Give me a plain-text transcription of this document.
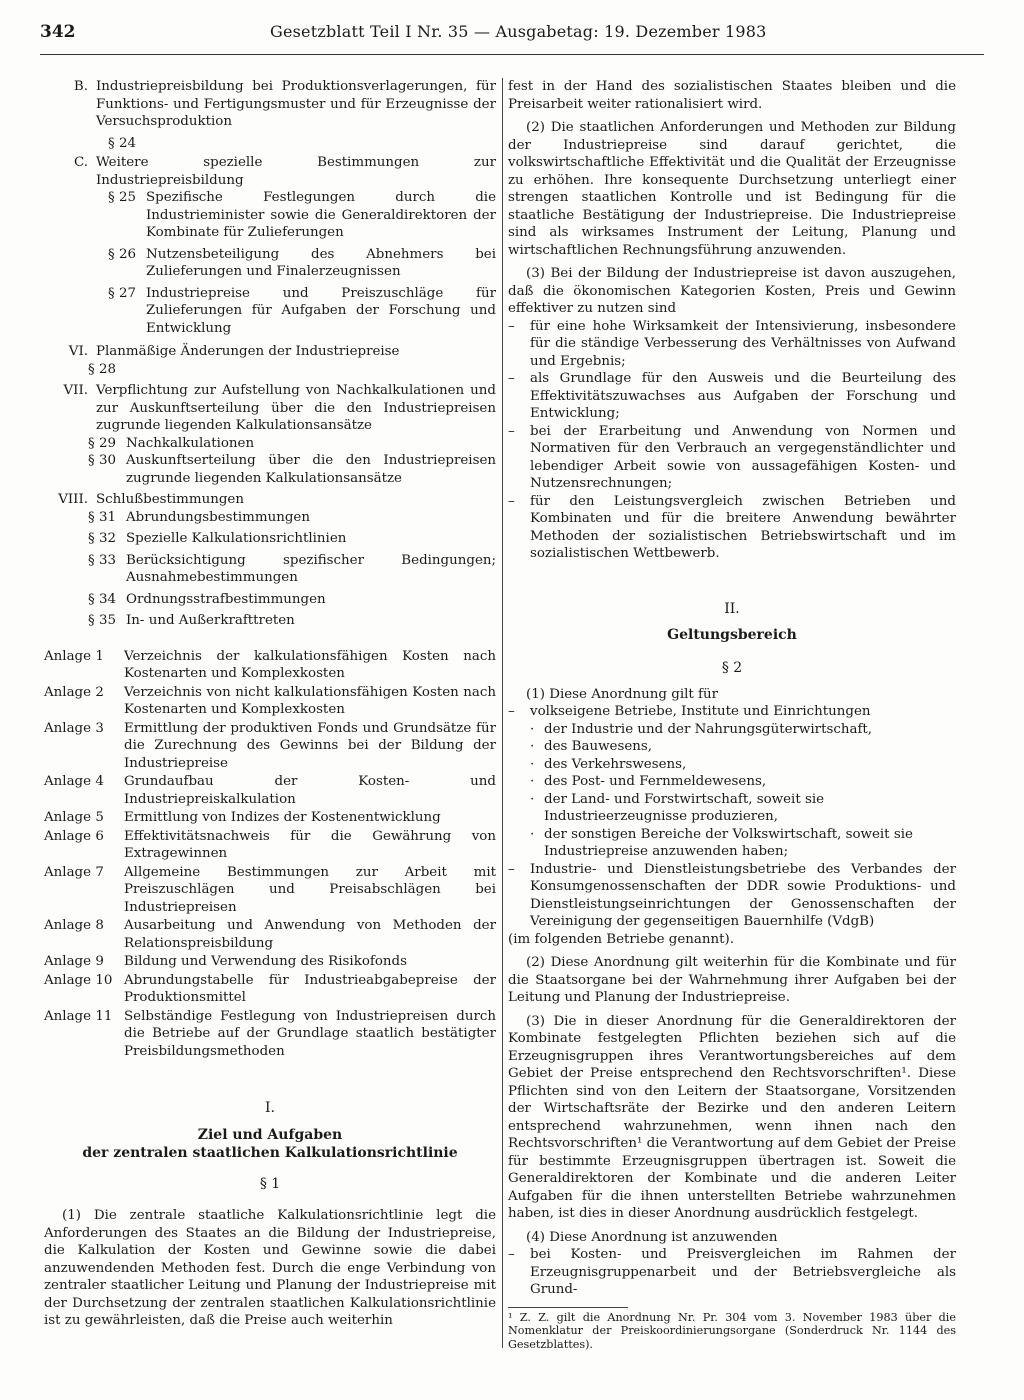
342	Gesetzblatt Teil I Nr. 35 — Ausgabetag: 19. Dezember 1983
B. Industriepreisbildung bei Produktionsverlagerungen, für Funktions- und Fertigungsmuster und für Erzeugnisse der Versuchsproduktion
§ 24
C. Weitere spezielle Bestimmungen zur Industriepreisbildung
§ 25 Spezifische Festlegungen durch die Industrieminister sowie die Generaldirektoren der Kombinate für Zulieferungen
§ 26 Nutzensbeteiligung des Abnehmers bei Zulieferungen und Finalerzeugnissen
§ 27 Industriepreise und Preiszuschläge für Zulieferungen für Aufgaben der Forschung und Entwicklung
VI. Planmäßige Änderungen der Industriepreise
§ 28
VII. Verpflichtung zur Aufstellung von Nachkalkulationen und zur Auskunftserteilung über die den Industriepreisen zugrunde liegenden Kalkulationsansätze
§ 29 Nachkalkulationen
§ 30 Auskunftserteilung über die den Industriepreisen zugrunde liegenden Kalkulationsansätze
VIII. Schlußbestimmungen
§ 31 Abrundungsbestimmungen
§ 32 Spezielle Kalkulationsrichtlinien
§ 33 Berücksichtigung spezifischer Bedingungen; Ausnahmebestimmungen
§ 34 Ordnungsstrafbestimmungen
§ 35 In- und Außerkrafttreten
Anlage 1	Verzeichnis der kalkulationsfähigen Kosten nach Kostenarten und Komplexkosten
Anlage 2	Verzeichnis von nicht kalkulationsfähigen Kosten nach Kostenarten und Komplexkosten
Anlage 3	Ermittlung der produktiven Fonds und Grundsätze für die Zurechnung des Gewinns bei der Bildung der Industriepreise
Anlage 4	Grundaufbau der Kosten- und Industriepreiskalkulation
Anlage 5	Ermittlung von Indizes der Kostenentwicklung
Anlage 6	Effektivitätsnachweis für die Gewährung von Extragewinnen
Anlage 7	Allgemeine Bestimmungen zur Arbeit mit Preiszuschlägen und Preisabschlägen bei Industriepreisen
Anlage 8	Ausarbeitung und Anwendung von Methoden der Relationspreisbildung
Anlage 9	Bildung und Verwendung des Risikofonds
Anlage 10 Abrundungstabelle für Industrieabgabepreise der Produktionsmittel
Anlage 11 Selbständige Festlegung von Industriepreisen durch die Betriebe auf der Grundlage staatlich bestätigter Preisbildungsmethoden
I.
Ziel und Aufgaben
der zentralen staatlichen Kalkulationsrichtlinie
§ 1
(1) Die zentrale staatliche Kalkulationsrichtlinie legt die Anforderungen des Staates an die Bildung der Industriepreise, die Kalkulation der Kosten und Gewinne sowie die dabei anzuwendenden Methoden fest. Durch die enge Verbindung von zentraler staatlicher Leitung und Planung der Industriepreise mit der Durchsetzung der zentralen staatlichen Kalkulationsrichtlinie ist zu gewährleisten, daß die Preise auch weiterhin
fest in der Hand des sozialistischen Staates bleiben und die Preisarbeit weiter rationalisiert wird.
(2) Die staatlichen Anforderungen und Methoden zur Bildung der Industriepreise sind darauf gerichtet, die volkswirtschaftliche Effektivität und die Qualität der Erzeugnisse zu erhöhen. Ihre konsequente Durchsetzung unterliegt einer strengen staatlichen Kontrolle und ist Bedingung für die staatliche Bestätigung der Industriepreise. Die Industriepreise sind als wirksames Instrument der Leitung, Planung und wirtschaftlichen Rechnungsführung anzuwenden.
(3) Bei der Bildung der Industriepreise ist davon auszugehen, daß die ökonomischen Kategorien Kosten, Preis und Gewinn effektiver zu nutzen sind
–	für eine hohe Wirksamkeit der Intensivierung, insbesondere für die ständige Verbesserung des Verhältnisses von Aufwand und Ergebnis;
–	als Grundlage für den Ausweis und die Beurteilung des Effektivitätszuwachses aus Aufgaben der Forschung und Entwicklung;
–	bei der Erarbeitung und Anwendung von Normen und Normativen für den Verbrauch an vergegenständlichter und lebendiger Arbeit sowie von aussagefähigen Kosten- und Nutzensrechnungen;
–	für den Leistungsvergleich zwischen Betrieben und Kombinaten und für die breitere Anwendung bewährter Methoden der sozialistischen Betriebswirtschaft und im sozialistischen Wettbewerb.
II.
Geltungsbereich
§ 2
(1) Diese Anordnung gilt für
–	volkseigene Betriebe, Institute und Einrichtungen
· der Industrie und der Nahrungsgüterwirtschaft,
· des Bauwesens,
· des Verkehrswesens,
· des Post- und Fernmeldewesens,
· der Land- und Forstwirtschaft, soweit sie Industrieerzeugnisse produzieren,
· der sonstigen Bereiche der Volkswirtschaft, soweit sie Industriepreise anzuwenden haben;
–	Industrie- und Dienstleistungsbetriebe des Verbandes der Konsumgenossenschaften der DDR sowie Produktions- und Dienstleistungseinrichtungen der Genossenschaften der Vereinigung der gegenseitigen Bauernhilfe (VdgB)
(im folgenden Betriebe genannt).
(2) Diese Anordnung gilt weiterhin für die Kombinate und für die Staatsorgane bei der Wahrnehmung ihrer Aufgaben bei der Leitung und Planung der Industriepreise.
(3) Die in dieser Anordnung für die Generaldirektoren der Kombinate festgelegten Pflichten beziehen sich auf die Erzeugnisgruppen ihres Verantwortungsbereiches auf dem Gebiet der Preise entsprechend den Rechtsvorschriften¹. Diese Pflichten sind von den Leitern der Staatsorgane, Vorsitzenden der Wirtschaftsräte der Bezirke und den anderen Leitern entsprechend wahrzunehmen, wenn ihnen nach den Rechtsvorschriften¹ die Verantwortung auf dem Gebiet der Preise für bestimmte Erzeugnisgruppen übertragen ist. Soweit die Generaldirektoren der Kombinate und die anderen Leiter Aufgaben für die ihnen unterstellten Betriebe wahrzunehmen haben, ist dies in dieser Anordnung ausdrücklich festgelegt.
(4) Diese Anordnung ist anzuwenden
–	bei Kosten- und Preisvergleichen im Rahmen der Erzeugnisgruppenarbeit und der Betriebsvergleiche als Grund-
¹ Z. Z. gilt die Anordnung Nr. Pr. 304 vom 3. November 1983 über die Nomenklatur der Preiskoordinierungsorgane (Sonderdruck Nr. 1144 des Gesetzblattes).
